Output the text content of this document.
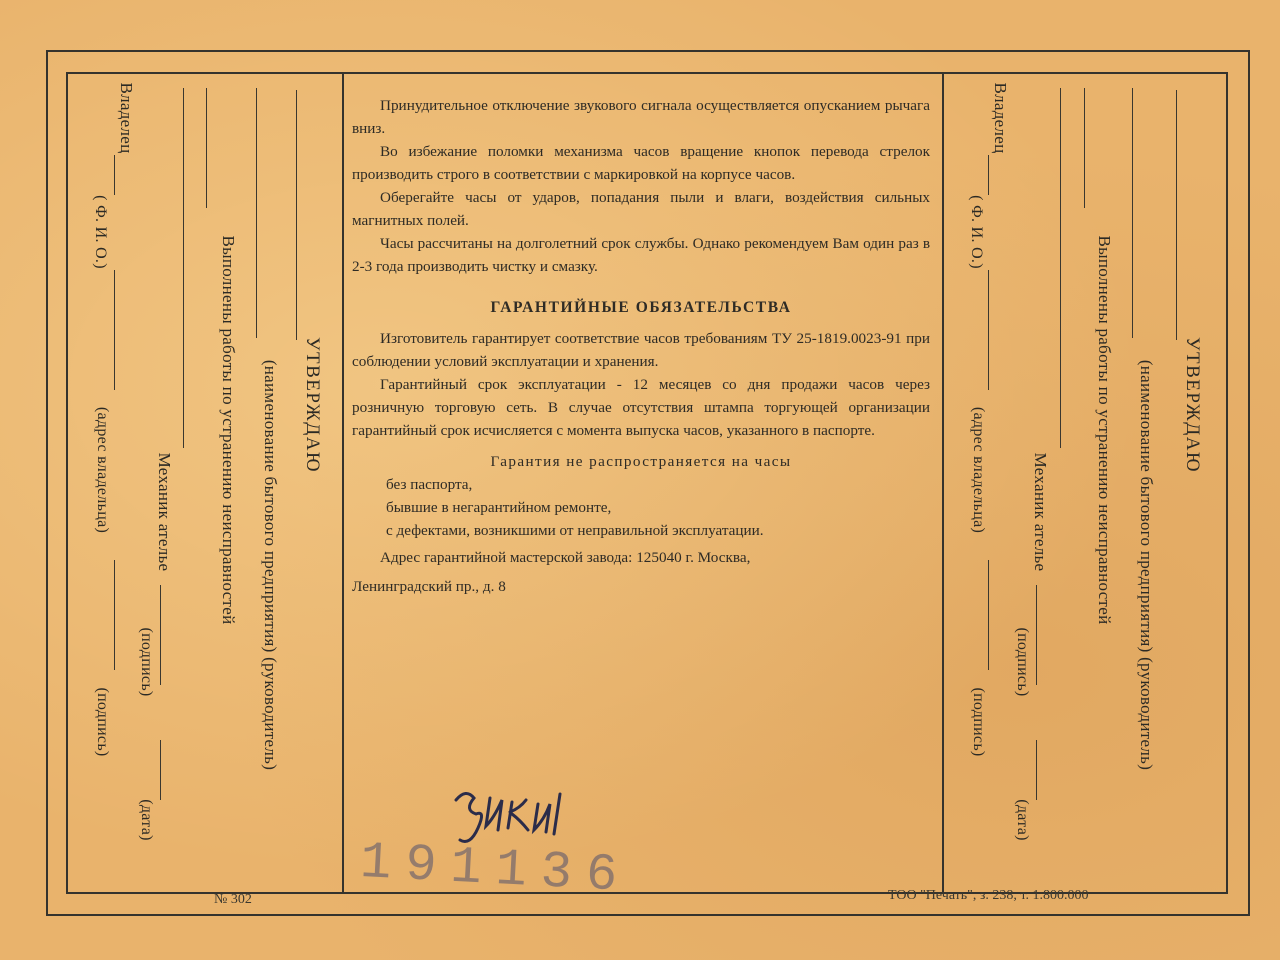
УТВЕРЖДАЮ
(наименование бытового предприятия) (руководитель)
Выполнены работы по устранению неисправностей
Механик ателье
(подпись)
(дата)
Владелец
( Ф. И. О.)
(адрес владельца)
(подпись)

Принудительное отключение звукового сигнала осуществляется опусканием рычага вниз.

Во избежание поломки механизма часов вращение кнопок перевода стрелок производить строго в соответствии с маркировкой на корпусе часов.

Оберегайте часы от ударов, попадания пыли и влаги, воздействия сильных магнитных полей.

Часы рассчитаны на долголетний срок службы. Однако рекомендуем Вам один раз в 2-3 года производить чистку и смазку.

ГАРАНТИЙНЫЕ ОБЯЗАТЕЛЬСТВА

Изготовитель гарантирует соответствие часов требованиям ТУ 25-1819.0023-91 при соблюдении условий эксплуатации и хранения.

Гарантийный срок эксплуатации - 12 месяцев со дня продажи часов через розничную торговую сеть. В случае отсутствия штампа торгующей организации гарантийный срок исчисляется с момента выпуска часов, указанного в паспорте.

Гарантия не распространяется на часы

без паспорта,

бывшие в негарантийном ремонте,

с дефектами, возникшими от неправильной эксплуатации.

Адрес гарантийной мастерской завода: 125040 г. Москва,

Ленинградский пр., д. 8

УТВЕРЖДАЮ
(наименование бытового предприятия) (руководитель)
Выполнены работы по устранению неисправностей
Механик ателье
(подпись)
(дата)
Владелец
( Ф. И. О.)
(адрес владельца)
(подпись)
191136
№ 302	ТОО "Печать", з. 238, т. 1.800.000
